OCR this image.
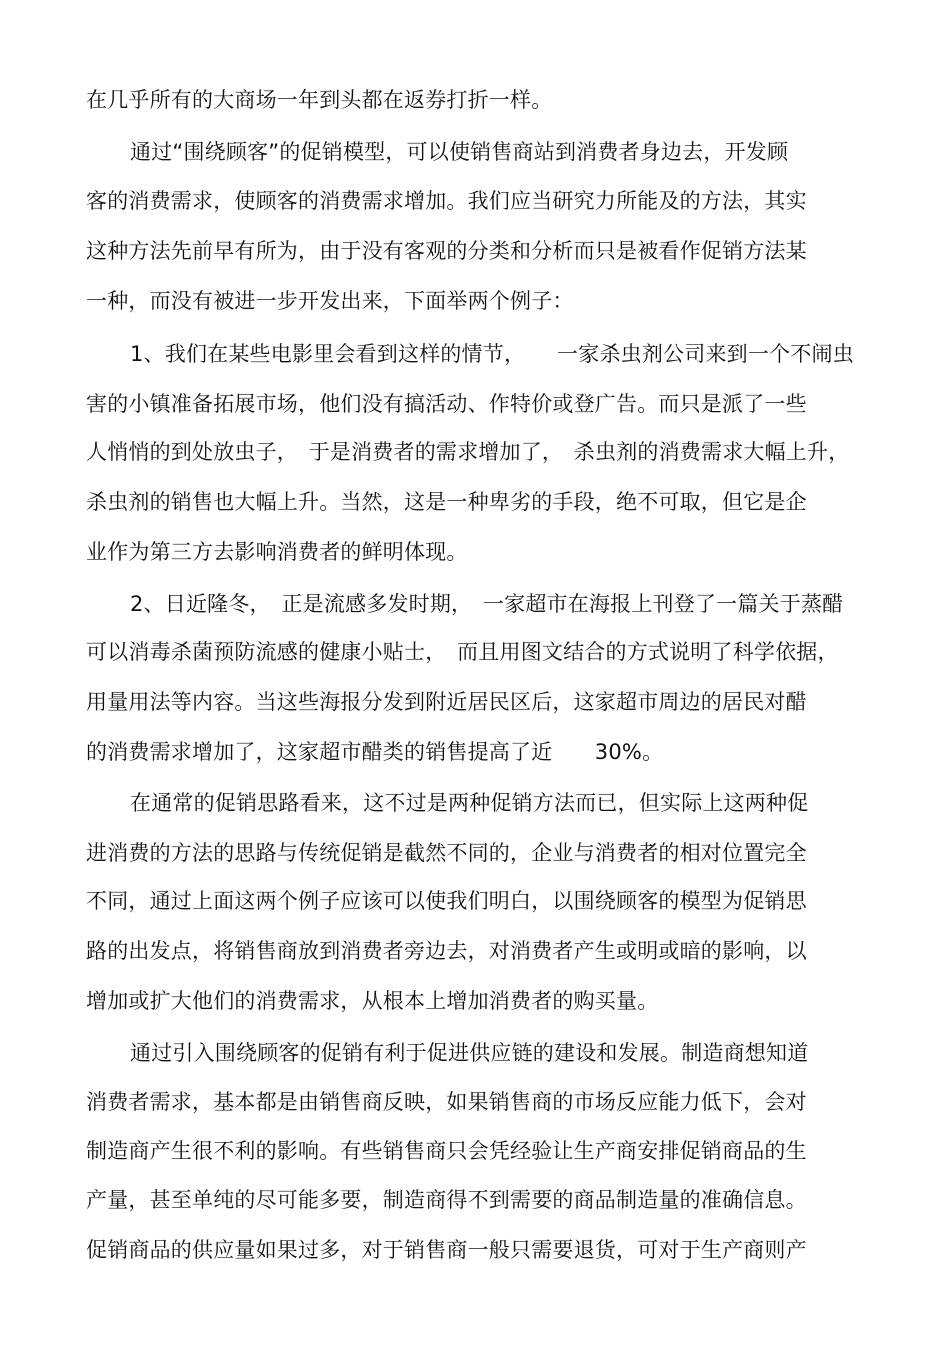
在几乎所有的大商场一年到头都在返券打折一样。
通过“围绕顾客”的促销模型，可以使销售商站到消费者身边去，开发顾
客的消费需求，使顾客的消费需求增加。我们应当研究力所能及的方法，其实
这种方法先前早有所为，由于没有客观的分类和分析而只是被看作促销方法某
一种，而没有被进一步开发出来，下面举两个例子：
1、我们在某些电影里会看到这样的情节，　　一家杀虫剂公司来到一个不闹虫
害的小镇准备拓展市场，他们没有搞活动、作特价或登广告。而只是派了一些
人悄悄的到处放虫子，　于是消费者的需求增加了，　杀虫剂的消费需求大幅上升，
杀虫剂的销售也大幅上升。当然，这是一种卑劣的手段，绝不可取，但它是企
业作为第三方去影响消费者的鲜明体现。
2、日近隆冬，　正是流感多发时期，　一家超市在海报上刊登了一篇关于蒸醋
可以消毒杀菌预防流感的健康小贴士，　而且用图文结合的方式说明了科学依据，
用量用法等内容。当这些海报分发到附近居民区后，这家超市周边的居民对醋
的消费需求增加了，这家超市醋类的销售提高了近　　30%。
在通常的促销思路看来，这不过是两种促销方法而已，但实际上这两种促
进消费的方法的思路与传统促销是截然不同的，企业与消费者的相对位置完全
不同，通过上面这两个例子应该可以使我们明白，以围绕顾客的模型为促销思
路的出发点，将销售商放到消费者旁边去，对消费者产生或明或暗的影响，以
增加或扩大他们的消费需求，从根本上增加消费者的购买量。
通过引入围绕顾客的促销有利于促进供应链的建设和发展。制造商想知道
消费者需求，基本都是由销售商反映，如果销售商的市场反应能力低下，会对
制造商产生很不利的影响。有些销售商只会凭经验让生产商安排促销商品的生
产量，甚至单纯的尽可能多要，制造商得不到需要的商品制造量的准确信息。
促销商品的供应量如果过多，对于销售商一般只需要退货，可对于生产商则产
